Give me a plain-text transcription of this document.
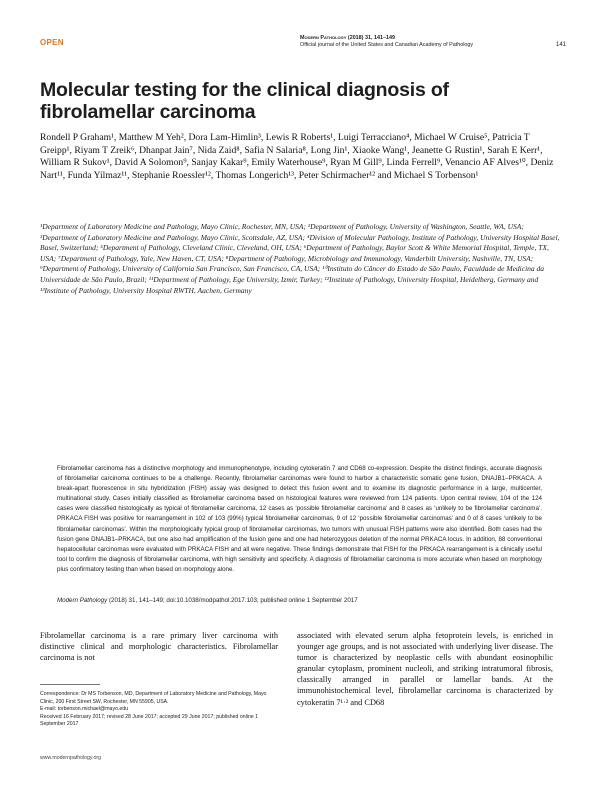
OPEN	Modern Pathology (2018) 31, 141–149
Official journal of the United States and Canadian Academy of Pathology	141
Molecular testing for the clinical diagnosis of fibrolamellar carcinoma
Rondell P Graham¹, Matthew M Yeh², Dora Lam-Himlin³, Lewis R Roberts¹, Luigi Terracciano⁴, Michael W Cruise⁵, Patricia T Greipp¹, Riyam T Zreik⁶, Dhanpat Jain⁷, Nida Zaid⁸, Safia N Salaria⁸, Long Jin¹, Xiaoke Wang¹, Jeanette G Rustin¹, Sarah E Kerr¹, William R Sukov¹, David A Solomon⁹, Sanjay Kakar⁹, Emily Waterhouse⁹, Ryan M Gill⁹, Linda Ferrell⁹, Venancio AF Alves¹⁰, Deniz Nart¹¹, Funda Yilmaz¹¹, Stephanie Roessler¹², Thomas Longerich¹³, Peter Schirmacher¹² and Michael S Torbenson¹
¹Department of Laboratory Medicine and Pathology, Mayo Clinic, Rochester, MN, USA; ²Department of Pathology, University of Washington, Seattle, WA, USA; ³Department of Laboratory Medicine and Pathology, Mayo Clinic, Scottsdale, AZ, USA; ⁴Division of Molecular Pathology, Institute of Pathology, University Hospital Basel, Basel, Switzerland; ⁵Department of Pathology, Cleveland Clinic, Cleveland, OH, USA; ⁶Department of Pathology, Baylor Scott & White Memorial Hospital, Temple, TX, USA; ⁷Department of Pathology, Yale, New Haven, CT, USA; ⁸Department of Pathology, Microbiology and Immunology, Vanderbilt University, Nashville, TN, USA; ⁹Department of Pathology, University of California San Francisco, San Francisco, CA, USA; ¹⁰Instituto do Câncer do Estado de São Paulo, Faculdade de Medicina da Universidade de São Paulo, Brazil; ¹¹Department of Pathology, Ege University, Izmir, Turkey; ¹²Institute of Pathology, University Hospital, Heidelberg, Germany and ¹³Institute of Pathology, University Hospital RWTH, Aachen, Germany
Fibrolamellar carcinoma has a distinctive morphology and immunophenotype, including cytokeratin 7 and CD68 co-expression. Despite the distinct findings, accurate diagnosis of fibrolamellar carcinoma continues to be a challenge. Recently, fibrolamellar carcinomas were found to harbor a characteristic somatic gene fusion, DNAJB1–PRKACA. A break-apart fluorescence in situ hybridization (FISH) assay was designed to detect this fusion event and to examine its diagnostic performance in a large, multicenter, multinational study. Cases initially classified as fibrolamellar carcinoma based on histological features were reviewed from 124 patients. Upon central review, 104 of the 124 cases were classified histologically as typical of fibrolamellar carcinoma, 12 cases as ‘possible fibrolamellar carcinoma’ and 8 cases as ‘unlikely to be fibrolamellar carcinoma’. PRKACA FISH was positive for rearrangement in 102 of 103 (99%) typical fibrolamellar carcinomas, 9 of 12 ‘possible fibrolamellar carcinomas’ and 0 of 8 cases ‘unlikely to be fibrolamellar carcinomas’. Within the morphologically typical group of fibrolamellar carcinomas, two tumors with unusual FISH patterns were also identified. Both cases had the fusion gene DNAJB1–PRKACA, but one also had amplification of the fusion gene and one had heterozygous deletion of the normal PRKACA locus. In addition, 88 conventional hepatocellular carcinomas were evaluated with PRKACA FISH and all were negative. These findings demonstrate that FISH for the PRKACA rearrangement is a clinically useful tool to confirm the diagnosis of fibrolamellar carcinoma, with high sensitivity and specificity. A diagnosis of fibrolamellar carcinoma is more accurate when based on morphology plus confirmatory testing than when based on morphology alone.
Modern Pathology (2018) 31, 141–149; doi:10.1038/modpathol.2017.103; published online 1 September 2017
Fibrolamellar carcinoma is a rare primary liver carcinoma with distinctive clinical and morphologic characteristics. Fibrolamellar carcinoma is not
associated with elevated serum alpha fetoprotein levels, is enriched in younger age groups, and is not associated with underlying liver disease. The tumor is characterized by neoplastic cells with abundant eosinophilic granular cytoplasm, prominent nucleoli, and striking intratumoral fibrosis, classically arranged in parallel or lamellar bands. At the immunohistochemical level, fibrolamellar carcinoma is characterized by cytokeratin 7¹·² and CD68
Correspondence: Dr MS Torbenson, MD, Department of Laboratory Medicine and Pathology, Mayo Clinic, 200 First Street SW, Rochester, MN 55905, USA.
E-mail: torbenson.michael@mayo.edu
Received 16 February 2017; revised 28 June 2017; accepted 29 June 2017; published online 1 September 2017
www.modernpathology.org
